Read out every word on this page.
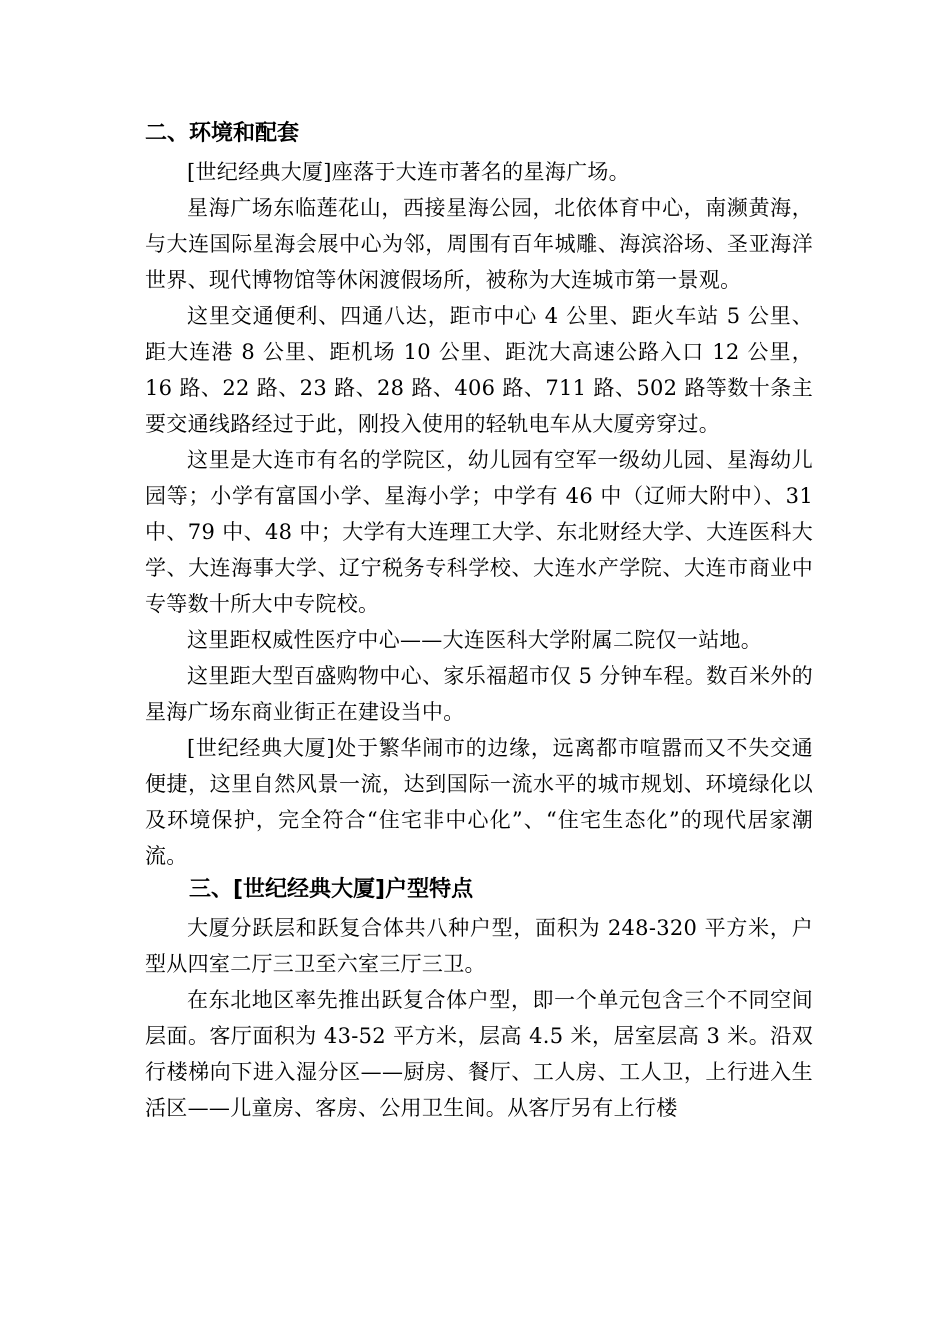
二、环境和配套

[世纪经典大厦]座落于大连市著名的星海广场。

星海广场东临莲花山，西接星海公园，北依体育中心，南濒黄海，与大连国际星海会展中心为邻，周围有百年城雕、海滨浴场、圣亚海洋世界、现代博物馆等休闲渡假场所，被称为大连城市第一景观。

这里交通便利、四通八达，距市中心 4 公里、距火车站 5 公里、距大连港 8 公里、距机场 10 公里、距沈大高速公路入口 12 公里，16 路、22 路、23 路、28 路、406 路、711 路、502 路等数十条主要交通线路经过于此，刚投入使用的轻轨电车从大厦旁穿过。

这里是大连市有名的学院区，幼儿园有空军一级幼儿园、星海幼儿园等；小学有富国小学、星海小学；中学有 46 中（辽师大附中）、31 中、79 中、48 中；大学有大连理工大学、东北财经大学、大连医科大学、大连海事大学、辽宁税务专科学校、大连水产学院、大连市商业中专等数十所大中专院校。

这里距权威性医疗中心——大连医科大学附属二院仅一站地。

这里距大型百盛购物中心、家乐福超市仅 5 分钟车程。数百米外的星海广场东商业街正在建设当中。

[世纪经典大厦]处于繁华闹市的边缘，远离都市喧嚣而又不失交通便捷，这里自然风景一流，达到国际一流水平的城市规划、环境绿化以及环境保护，完全符合“住宅非中心化”、“住宅生态化”的现代居家潮流。

三、[世纪经典大厦]户型特点

大厦分跃层和跃复合体共八种户型，面积为 248-320 平方米，户型从四室二厅三卫至六室三厅三卫。

在东北地区率先推出跃复合体户型，即一个单元包含三个不同空间层面。客厅面积为 43-52 平方米，层高 4.5 米，居室层高 3 米。沿双行楼梯向下进入湿分区——厨房、餐厅、工人房、工人卫，上行进入生活区——儿童房、客房、公用卫生间。从客厅另有上行楼
